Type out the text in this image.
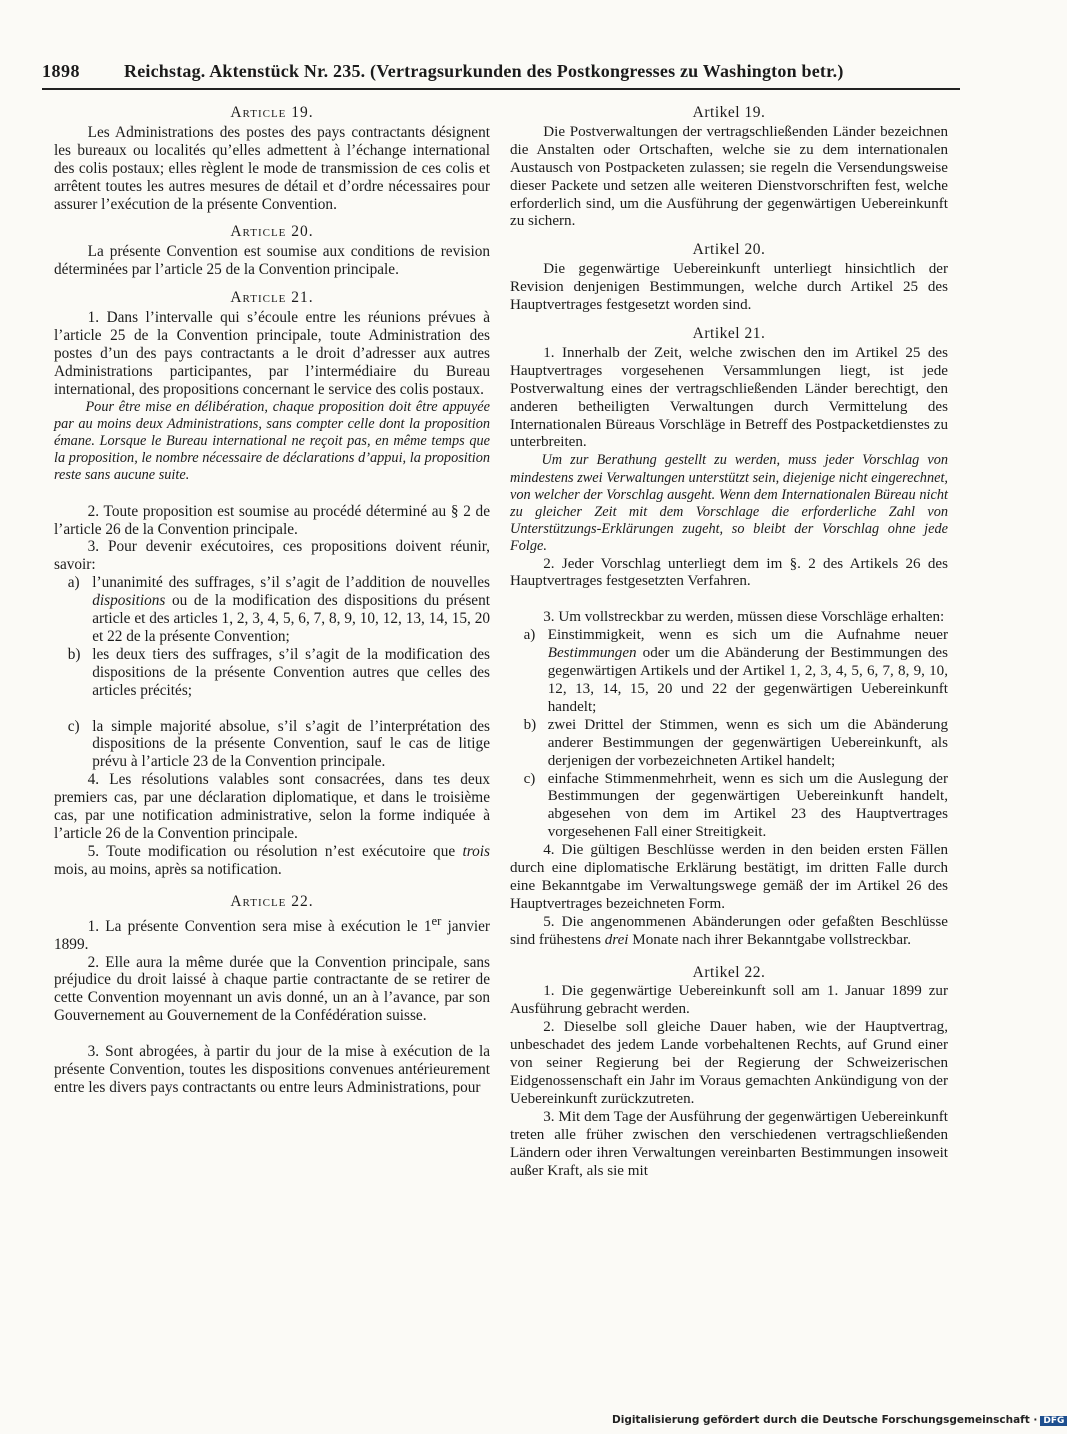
1898 Reichstag. Aktenstück Nr. 235. (Vertragsurkunden des Postkongresses zu Washington betr.)
Article 19.

Les Administrations des postes des pays contractants désignent les bureaux ou localités qu’elles admettent à l’échange international des colis postaux; elles règlent le mode de transmission de ces colis et arrêtent toutes les autres mesures de détail et d’ordre nécessaires pour assurer l’exécution de la présente Convention.

Article 20.

La présente Convention est soumise aux conditions de revision déterminées par l’article 25 de la Convention principale.

Article 21.

1. Dans l’intervalle qui s’écoule entre les réunions prévues à l’article 25 de la Convention principale, toute Administration des postes d’un des pays contractants a le droit d’adresser aux autres Administrations participantes, par l’intermédiaire du Bureau international, des propositions concernant le service des colis postaux.

Pour être mise en délibération, chaque proposition doit être appuyée par au moins deux Administrations, sans compter celle dont la proposition émane. Lorsque le Bureau international ne reçoit pas, en même temps que la proposition, le nombre nécessaire de déclarations d’appui, la proposition reste sans aucune suite.

2. Toute proposition est soumise au procédé déterminé au § 2 de l’article 26 de la Convention principale.

3. Pour devenir exécutoires, ces propositions doivent réunir, savoir:

a) l’unanimité des suffrages, s’il s’agit de l’addition de nouvelles dispositions ou de la modification des dispositions du présent article et des articles 1, 2, 3, 4, 5, 6, 7, 8, 9, 10, 12, 13, 14, 15, 20 et 22 de la présente Convention;
b) les deux tiers des suffrages, s’il s’agit de la modification des dispositions de la présente Convention autres que celles des articles précités;
c) la simple majorité absolue, s’il s’agit de l’interprétation des dispositions de la présente Convention, sauf le cas de litige prévu à l’article 23 de la Convention principale.

4. Les résolutions valables sont consacrées, dans tes deux premiers cas, par une déclaration diplomatique, et dans le troisième cas, par une notification administrative, selon la forme indiquée à l’article 26 de la Convention principale.

5. Toute modification ou résolution n’est exécutoire que trois mois, au moins, après sa notification.

Article 22.

1. La présente Convention sera mise à exécution le 1er janvier 1899.

2. Elle aura la même durée que la Convention principale, sans préjudice du droit laissé à chaque partie contractante de se retirer de cette Convention moyennant un avis donné, un an à l’avance, par son Gouvernement au Gouvernement de la Confédération suisse.

3. Sont abrogées, à partir du jour de la mise à exécution de la présente Convention, toutes les dispositions convenues antérieurement entre les divers pays contractants ou entre leurs Administrations, pour

Artikel 19.

Die Postverwaltungen der vertragschließenden Länder bezeichnen die Anstalten oder Ortschaften, welche sie zu dem internationalen Austausch von Postpacketen zulassen; sie regeln die Versendungsweise dieser Packete und setzen alle weiteren Dienstvorschriften fest, welche erforderlich sind, um die Ausführung der gegenwärtigen Uebereinkunft zu sichern.

Artikel 20.

Die gegenwärtige Uebereinkunft unterliegt hinsichtlich der Revision denjenigen Bestimmungen, welche durch Artikel 25 des Hauptvertrages festgesetzt worden sind.

Artikel 21.

1. Innerhalb der Zeit, welche zwischen den im Artikel 25 des Hauptvertrages vorgesehenen Versammlungen liegt, ist jede Postverwaltung eines der vertragschließenden Länder berechtigt, den anderen betheiligten Verwaltungen durch Vermittelung des Internationalen Büreaus Vorschläge in Betreff des Postpacketdienstes zu unterbreiten.

Um zur Berathung gestellt zu werden, muss jeder Vorschlag von mindestens zwei Verwaltungen unterstützt sein, diejenige nicht eingerechnet, von welcher der Vorschlag ausgeht. Wenn dem Internationalen Büreau nicht zu gleicher Zeit mit dem Vorschlage die erforderliche Zahl von Unterstützungs-Erklärungen zugeht, so bleibt der Vorschlag ohne jede Folge.

2. Jeder Vorschlag unterliegt dem im §. 2 des Artikels 26 des Hauptvertrages festgesetzten Verfahren.

3. Um vollstreckbar zu werden, müssen diese Vorschläge erhalten:

a) Einstimmigkeit, wenn es sich um die Aufnahme neuer Bestimmungen oder um die Abänderung der Bestimmungen des gegenwärtigen Artikels und der Artikel 1, 2, 3, 4, 5, 6, 7, 8, 9, 10, 12, 13, 14, 15, 20 und 22 der gegenwärtigen Uebereinkunft handelt;
b) zwei Drittel der Stimmen, wenn es sich um die Abänderung anderer Bestimmungen der gegenwärtigen Uebereinkunft, als derjenigen der vorbezeichneten Artikel handelt;
c) einfache Stimmenmehrheit, wenn es sich um die Auslegung der Bestimmungen der gegenwärtigen Uebereinkunft handelt, abgesehen von dem im Artikel 23 des Hauptvertrages vorgesehenen Fall einer Streitigkeit.

4. Die gültigen Beschlüsse werden in den beiden ersten Fällen durch eine diplomatische Erklärung bestätigt, im dritten Falle durch eine Bekanntgabe im Verwaltungswege gemäß der im Artikel 26 des Hauptvertrages bezeichneten Form.

5. Die angenommenen Abänderungen oder gefaßten Beschlüsse sind frühestens drei Monate nach ihrer Bekanntgabe vollstreckbar.

Artikel 22.

1. Die gegenwärtige Uebereinkunft soll am 1. Januar 1899 zur Ausführung gebracht werden.

2. Dieselbe soll gleiche Dauer haben, wie der Hauptvertrag, unbeschadet des jedem Lande vorbehaltenen Rechts, auf Grund einer von seiner Regierung bei der Regierung der Schweizerischen Eidgenossenschaft ein Jahr im Voraus gemachten Ankündigung von der Uebereinkunft zurückzutreten.

3. Mit dem Tage der Ausführung der gegenwärtigen Uebereinkunft treten alle früher zwischen den verschiedenen vertragschließenden Ländern oder ihren Verwaltungen vereinbarten Bestimmungen insoweit außer Kraft, als sie mit

Digitalisierung gefördert durch die Deutsche Forschungsgemeinschaft · DFG
